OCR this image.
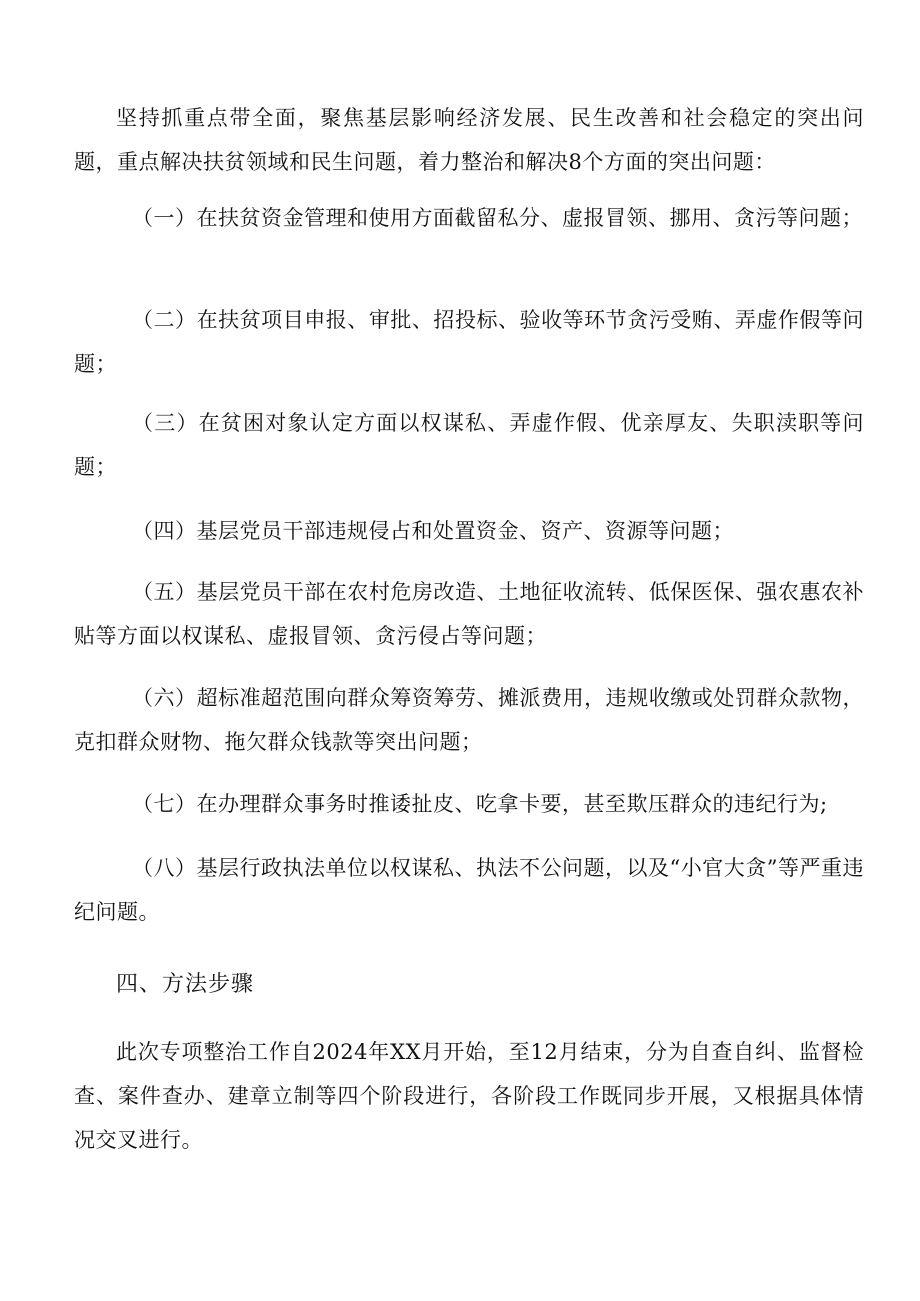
坚持抓重点带全面，聚焦基层影响经济发展、民生改善和社会稳定的突出问题，重点解决扶贫领域和民生问题，着力整治和解决8个方面的突出问题：

（一）在扶贫资金管理和使用方面截留私分、虚报冒领、挪用、贪污等问题；

（二）在扶贫项目申报、审批、招投标、验收等环节贪污受贿、弄虚作假等问题；

（三）在贫困对象认定方面以权谋私、弄虚作假、优亲厚友、失职渎职等问题；

（四）基层党员干部违规侵占和处置资金、资产、资源等问题；

（五）基层党员干部在农村危房改造、土地征收流转、低保医保、强农惠农补贴等方面以权谋私、虚报冒领、贪污侵占等问题；

（六）超标准超范围向群众筹资筹劳、摊派费用，违规收缴或处罚群众款物，克扣群众财物、拖欠群众钱款等突出问题；

（七）在办理群众事务时推诿扯皮、吃拿卡要，甚至欺压群众的违纪行为;

（八）基层行政执法单位以权谋私、执法不公问题，以及“小官大贪”等严重违纪问题。

四、方法步骤

此次专项整治工作自2024年XX月开始，至12月结束，分为自查自纠、监督检查、案件查办、建章立制等四个阶段进行，各阶段工作既同步开展，又根据具体情况交叉进行。
